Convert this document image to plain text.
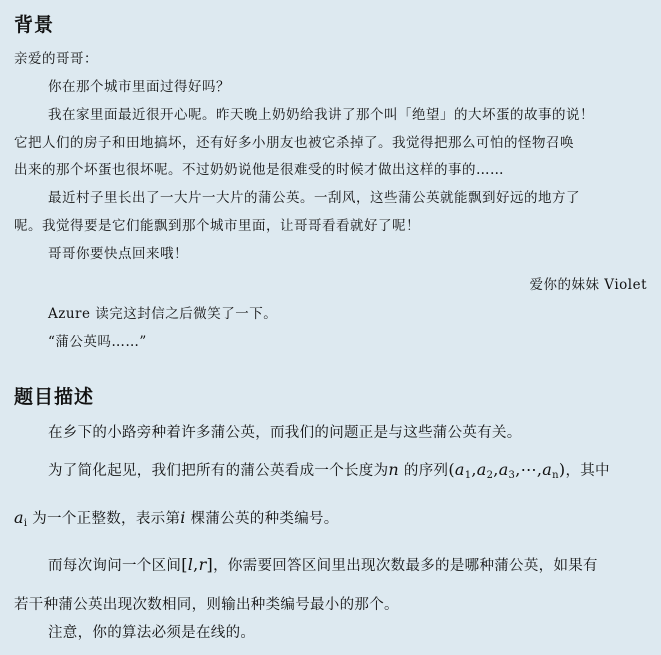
背景
亲爱的哥哥：
你在那个城市里面过得好吗？
我在家里面最近很开心呢。昨天晚上奶奶给我讲了那个叫「绝望」的大坏蛋的故事的说！
它把人们的房子和田地搞坏，还有好多小朋友也被它杀掉了。我觉得把那么可怕的怪物召唤
出来的那个坏蛋也很坏呢。不过奶奶说他是很难受的时候才做出这样的事的……
最近村子里长出了一大片一大片的蒲公英。一刮风，这些蒲公英就能飘到好远的地方了
呢。我觉得要是它们能飘到那个城市里面，让哥哥看看就好了呢！
哥哥你要快点回来哦！
爱你的妹妹 Violet
Azure 读完这封信之后微笑了一下。
“蒲公英吗……”
题目描述
在乡下的小路旁种着许多蒲公英，而我们的问题正是与这些蒲公英有关。
为了简化起见，我们把所有的蒲公英看成一个长度为n 的序列$(a_1,a_2,a_3,\cdots,a_n)$，其中
$a_i$ 为一个正整数，表示第i 棵蒲公英的种类编号。
而每次询问一个区间[l,r]，你需要回答区间里出现次数最多的是哪种蒲公英，如果有
若干种蒲公英出现次数相同，则输出种类编号最小的那个。
注意，你的算法必须是在线的。
